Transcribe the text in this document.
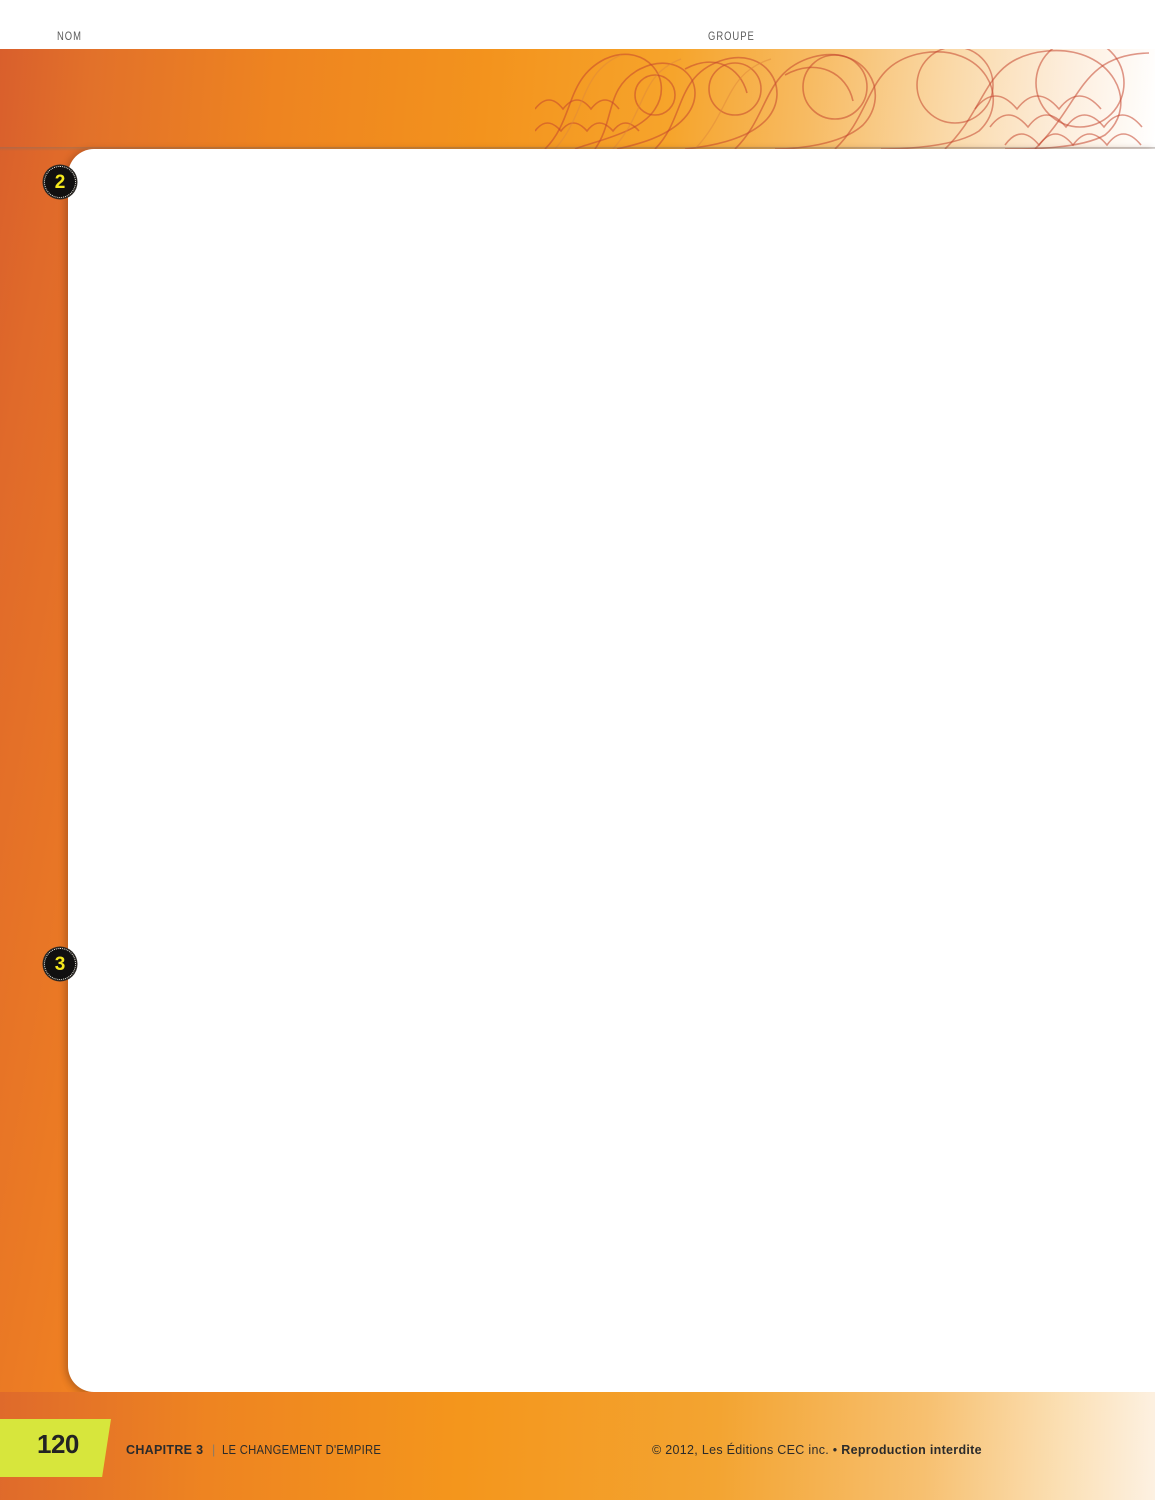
NOM	GROUPE
2

3
120	CHAPITRE 3 | LE CHANGEMENT D'EMPIRE	© 2012, Les Éditions CEC inc. • Reproduction interdite
